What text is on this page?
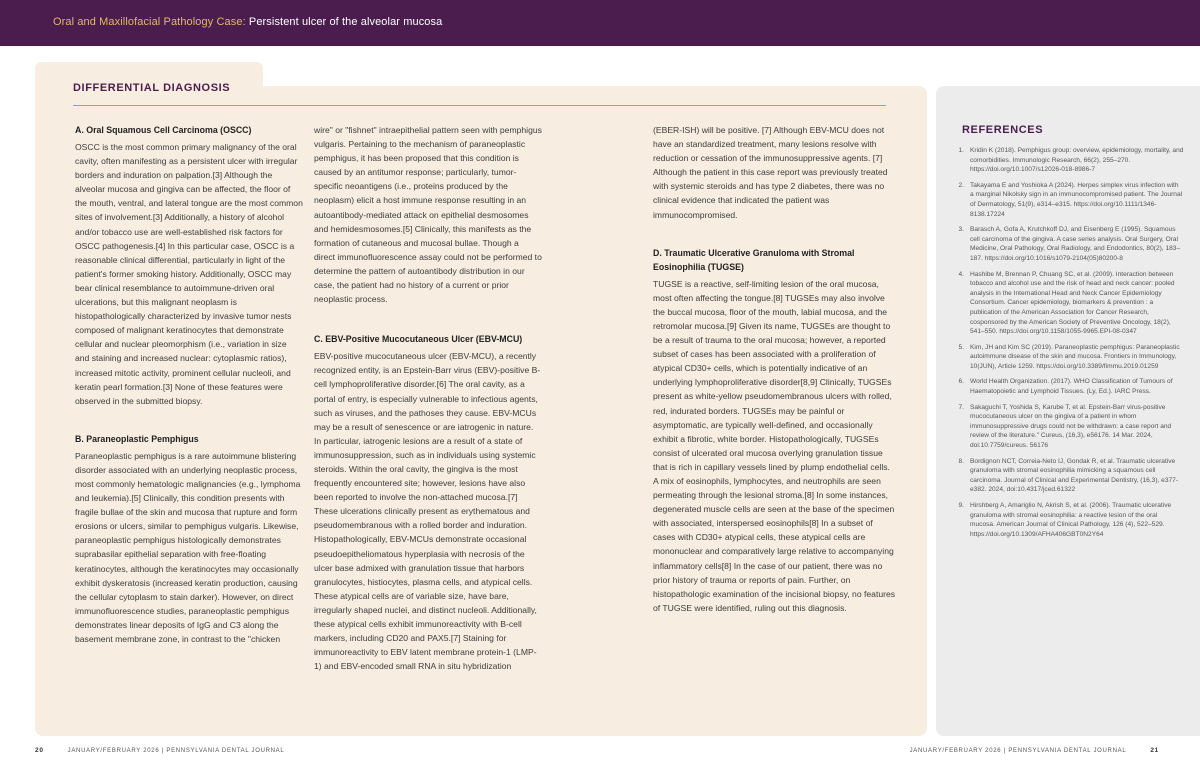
Oral and Maxillofacial Pathology Case: Persistent ulcer of the alveolar mucosa
DIFFERENTIAL DIAGNOSIS
A. Oral Squamous Cell Carcinoma (OSCC)

OSCC is the most common primary malignancy of the oral cavity, often manifesting as a persistent ulcer with irregular borders and induration on palpation.[3] Although the alveolar mucosa and gingiva can be affected, the floor of the mouth, ventral, and lateral tongue are the most common sites of involvement.[3] Additionally, a history of alcohol and/or tobacco use are well-established risk factors for OSCC pathogenesis.[4] In this particular case, OSCC is a reasonable clinical differential, particularly in light of the patient's former smoking history. Additionally, OSCC may bear clinical resemblance to autoimmune-driven oral ulcerations, but this malignant neoplasm is histopathologically characterized by invasive tumor nests composed of malignant keratinocytes that demonstrate cellular and nuclear pleomorphism (i.e., variation in size and staining and increased nuclear: cytoplasmic ratios), increased mitotic activity, prominent cellular nucleoli, and keratin pearl formation.[3] None of these features were observed in the submitted biopsy.

B. Paraneoplastic Pemphigus

Paraneoplastic pemphigus is a rare autoimmune blistering disorder associated with an underlying neoplastic process, most commonly hematologic malignancies (e.g., lymphoma and leukemia).[5] Clinically, this condition presents with fragile bullae of the skin and mucosa that rupture and form erosions or ulcers, similar to pemphigus vulgaris. Likewise, paraneoplastic pemphigus histologically demonstrates suprabasilar epithelial separation with free-floating keratinocytes, although the keratinocytes may occasionally exhibit dyskeratosis (increased keratin production, causing the cellular cytoplasm to stain darker). However, on direct immunofluorescence studies, paraneoplastic pemphigus demonstrates linear deposits of IgG and C3 along the basement membrane zone, in contrast to the "chicken

wire" or "fishnet" intraepithelial pattern seen with pemphigus vulgaris. Pertaining to the mechanism of paraneoplastic pemphigus, it has been proposed that this condition is caused by an antitumor response; particularly, tumor-specific neoantigens (i.e., proteins produced by the neoplasm) elicit a host immune response resulting in an autoantibody-mediated attack on epithelial desmosomes and hemidesmosomes.[5] Clinically, this manifests as the formation of cutaneous and mucosal bullae. Though a direct immunofluorescence assay could not be performed to determine the pattern of autoantibody distribution in our case, the patient had no history of a current or prior neoplastic process.

C. EBV-Positive Mucocutaneous Ulcer (EBV-MCU)

EBV-positive mucocutaneous ulcer (EBV-MCU), a recently recognized entity, is an Epstein-Barr virus (EBV)-positive B-cell lymphoproliferative disorder.[6] The oral cavity, as a portal of entry, is especially vulnerable to infectious agents, such as viruses, and the pathoses they cause. EBV-MCUs may be a result of senescence or are iatrogenic in nature. In particular, iatrogenic lesions are a result of a state of immunosuppression, such as in individuals using systemic steroids. Within the oral cavity, the gingiva is the most frequently encountered site; however, lesions have also been reported to involve the non-attached mucosa.[7] These ulcerations clinically present as erythematous and pseudomembranous with a rolled border and induration. Histopathologically, EBV-MCUs demonstrate occasional pseudoepitheliomatous hyperplasia with necrosis of the ulcer base admixed with granulation tissue that harbors granulocytes, histiocytes, plasma cells, and atypical cells. These atypical cells are of variable size, have bare, irregularly shaped nuclei, and distinct nucleoli. Additionally, these atypical cells exhibit immunoreactivity with B-cell markers, including CD20 and PAX5.[7] Staining for immunoreactivity to EBV latent membrane protein-1 (LMP-1) and EBV-encoded small RNA in situ hybridization

(EBER-ISH) will be positive. [7] Although EBV-MCU does not have an standardized treatment, many lesions resolve with reduction or cessation of the immunosuppressive agents. [7] Although the patient in this case report was previously treated with systemic steroids and has type 2 diabetes, there was no clinical evidence that indicated the patient was immunocompromised.

D. Traumatic Ulcerative Granuloma with Stromal Eosinophilia (TUGSE)

TUGSE is a reactive, self-limiting lesion of the oral mucosa, most often affecting the tongue.[8] TUGSEs may also involve the buccal mucosa, floor of the mouth, labial mucosa, and the retromolar mucosa.[9] Given its name, TUGSEs are thought to be a result of trauma to the oral mucosa; however, a reported subset of cases has been associated with a proliferation of atypical CD30+ cells, which is potentially indicative of an underlying lymphoproliferative disorder[8,9] Clinically, TUGSEs present as white-yellow pseudomembranous ulcers with rolled, red, indurated borders. TUGSEs may be painful or asymptomatic, are typically well-defined, and occasionally exhibit a fibrotic, white border. Histopathologically, TUGSEs consist of ulcerated oral mucosa overlying granulation tissue that is rich in capillary vessels lined by plump endothelial cells. A mix of eosinophils, lymphocytes, and neutrophils are seen permeating through the lesional stroma.[8] In some instances, degenerated muscle cells are seen at the base of the specimen with associated, interspersed eosinophils[8] In a subset of cases with CD30+ atypical cells, these atypical cells are mononuclear and comparatively large relative to accompanying inflammatory cells[8] In the case of our patient, there was no prior history of trauma or reports of pain. Further, on histopathologic examination of the incisional biopsy, no features of TUGSE were identified, ruling out this diagnosis.

REFERENCES
1. Kridin K (2018). Pemphigus group: overview, epidemiology, mortality, and comorbidities. Immunologic Research, 66(2), 255–270. https://doi.org/10.1007/s12026-018-8986-7
2. Takayama E and Yoshioka A (2024). Herpes simplex virus infection with a marginal Nikolsky sign in an immunocompromised patient. The Journal of Dermatology, 51(9), e314–e315. https://doi.org/10.1111/1346-8138.17224
3. Barasch A, Gofa A, Krutchkoff DJ, and Eisenberg E (1995). Squamous cell carcinoma of the gingiva. A case series analysis. Oral Surgery, Oral Medicine, Oral Pathology, Oral Radiology, and Endodontics, 80(2), 183–187. https://doi.org/10.1016/s1079-2104(05)80200-8
4. Hashibe M, Brennan P, Chuang SC, et al. (2009). Interaction between tobacco and alcohol use and the risk of head and neck cancer: pooled analysis in the International Head and Neck Cancer Epidemiology Consortium. Cancer epidemiology, biomarkers & prevention : a publication of the American Association for Cancer Research, cosponsored by the American Society of Preventive Oncology, 18(2), 541–550. https://doi.org/10.1158/1055-9965.EPI-08-0347
5. Kim, JH and Kim SC (2019). Paraneoplastic pemphigus: Paraneoplastic autoimmune disease of the skin and mucosa. Frontiers in Immunology, 10(JUN), Article 1259. https://doi.org/10.3389/fimmu.2019.01259
6. World Health Organization. (2017). WHO Classification of Tumours of Haematopoietic and Lymphoid Tissues. (Ly, Ed.). IARC Press.
7. Sakaguchi T, Yoshida S, Karube T, et al. Epstein-Barr virus-positive mucocutaneous ulcer on the gingiva of a patient in whom immunosuppressive drugs could not be withdrawn: a case report and review of the literature." Cureus, (16,3), e56176. 14 Mar. 2024, doi:10.7759/cureus. 56176
8. Bordignon NCT, Correia-Neto IJ, Gondak R, et al. Traumatic ulcerative granuloma with stromal eosinophilia mimicking a squamous cell carcinoma. Journal of Clinical and Experimental Dentistry, (16,3), e377-e382. 2024, doi:10.4317/jced.61322
9. Hirshberg A, Amariglio N, Akrish S, et al. (2006). Traumatic ulcerative granuloma with stromal eosinophilia: a reactive lesion of the oral mucosa. American Journal of Clinical Pathology, 126 (4), 522–529. https://doi.org/10.1309/AFHA406GBT0N2Y64
20	JANUARY/FEBRUARY 2026 | PENNSYLVANIA DENTAL JOURNAL	JANUARY/FEBRUARY 2026 | PENNSYLVANIA DENTAL JOURNAL	21
